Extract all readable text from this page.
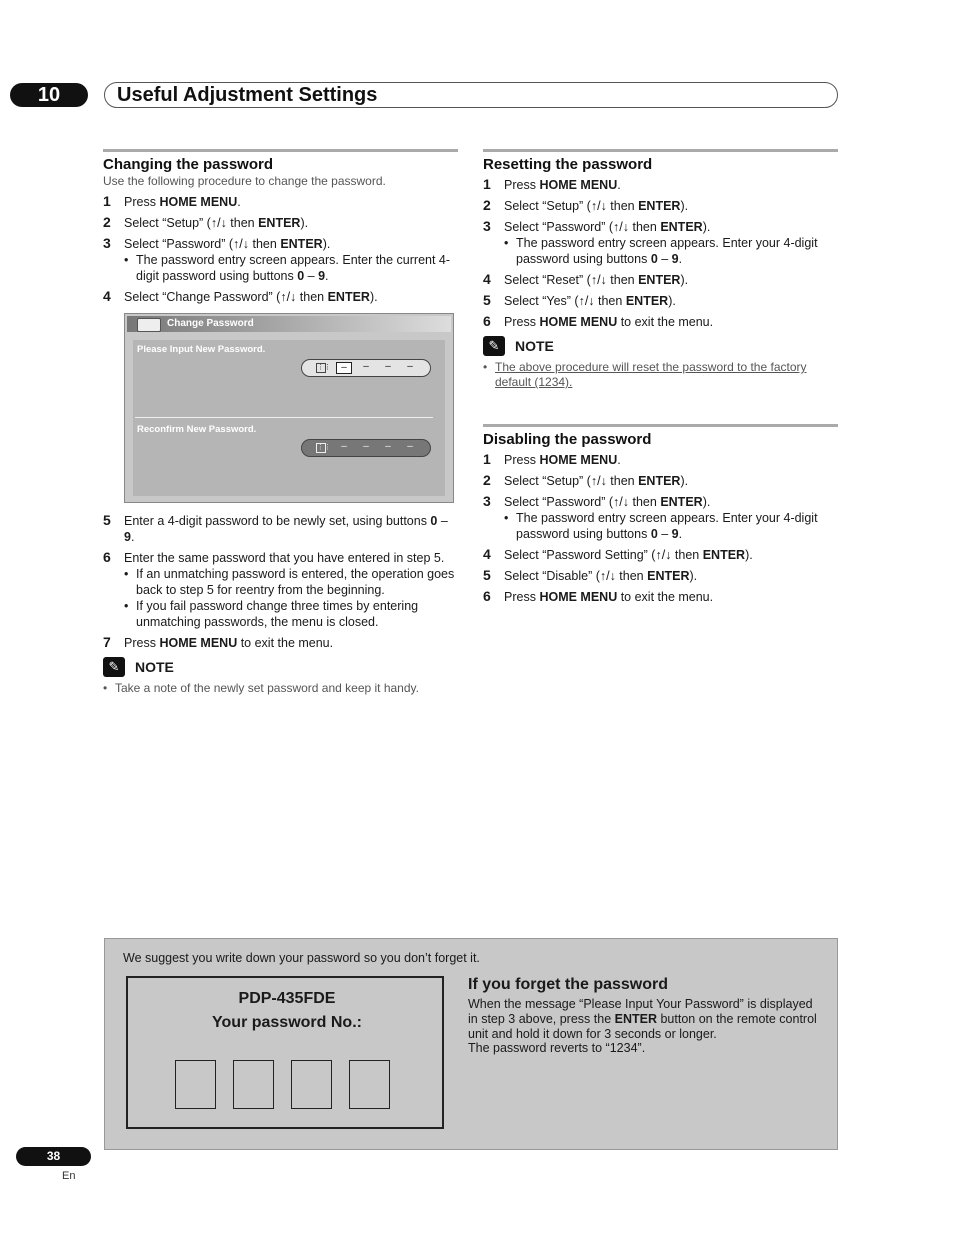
10	Useful Adjustment Settings
Changing the password
Use the following procedure to change the password.
1 Press HOME MENU.
2 Select “Setup” (↑/↓ then ENTER).
3 Select “Password” (↑/↓ then ENTER).
• The password entry screen appears. Enter the current 4-digit password using buttons 0 – 9.
4 Select “Change Password” (↑/↓ then ENTER).
Change Password
Please Input New Password.
⋮⋮	–	–	–	–
Reconfirm New Password.
⋮⋮	–	–	–	–
5 Enter a 4-digit password to be newly set, using buttons 0 – 9.
6 Enter the same password that you have entered in step 5.
• If an unmatching password is entered, the operation goes back to step 5 for reentry from the beginning.
• If you fail password change three times by entering unmatching passwords, the menu is closed.
7 Press HOME MENU to exit the menu.
✎	NOTE
• Take a note of the newly set password and keep it handy.
Resetting the password
1 Press HOME MENU.
2 Select “Setup” (↑/↓ then ENTER).
3 Select “Password” (↑/↓ then ENTER).
• The password entry screen appears. Enter your 4-digit password using buttons 0 – 9.
4 Select “Reset” (↑/↓ then ENTER).
5 Select “Yes” (↑/↓ then ENTER).
6 Press HOME MENU to exit the menu.
✎	NOTE
• The above procedure will reset the password to the factory default (1234).
Disabling the password
1 Press HOME MENU.
2 Select “Setup” (↑/↓ then ENTER).
3 Select “Password” (↑/↓ then ENTER).
• The password entry screen appears. Enter your 4-digit password using buttons 0 – 9.
4 Select “Password Setting” (↑/↓ then ENTER).
5 Select “Disable” (↑/↓ then ENTER).
6 Press HOME MENU to exit the menu.
We suggest you write down your password so you don’t forget it.
PDP-435FDE
Your password No.:
If you forget the password
When the message “Please Input Your Password” is displayed in step 3 above, press the ENTER button on the remote control unit and hold it down for 3 seconds or longer.
The password reverts to “1234”.
38
En
